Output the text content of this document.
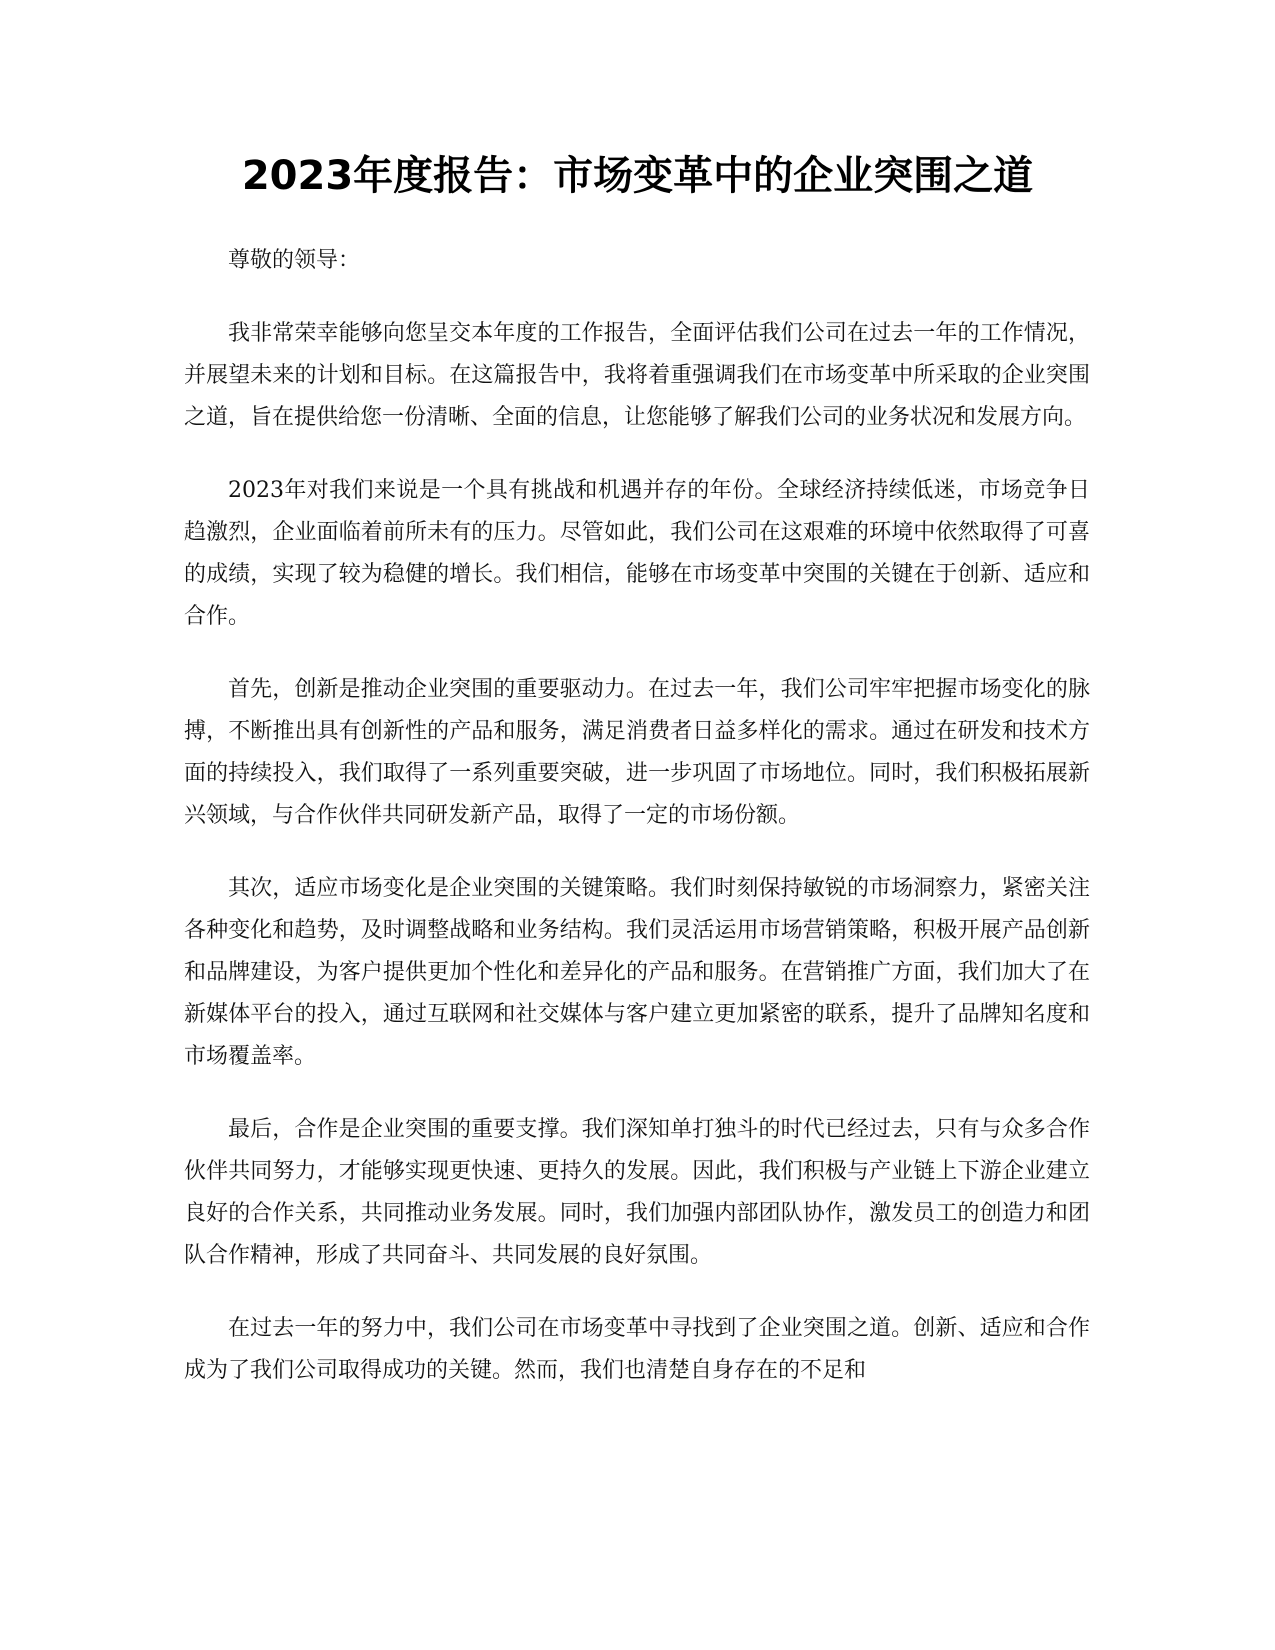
2023年度报告：市场变革中的企业突围之道

尊敬的领导：

我非常荣幸能够向您呈交本年度的工作报告，全面评估我们公司在过去一年的工作情况，并展望未来的计划和目标。在这篇报告中，我将着重强调我们在市场变革中所采取的企业突围之道，旨在提供给您一份清晰、全面的信息，让您能够了解我们公司的业务状况和发展方向。

2023年对我们来说是一个具有挑战和机遇并存的年份。全球经济持续低迷，市场竞争日趋激烈，企业面临着前所未有的压力。尽管如此，我们公司在这艰难的环境中依然取得了可喜的成绩，实现了较为稳健的增长。我们相信，能够在市场变革中突围的关键在于创新、适应和合作。

首先，创新是推动企业突围的重要驱动力。在过去一年，我们公司牢牢把握市场变化的脉搏，不断推出具有创新性的产品和服务，满足消费者日益多样化的需求。通过在研发和技术方面的持续投入，我们取得了一系列重要突破，进一步巩固了市场地位。同时，我们积极拓展新兴领域，与合作伙伴共同研发新产品，取得了一定的市场份额。

其次，适应市场变化是企业突围的关键策略。我们时刻保持敏锐的市场洞察力，紧密关注各种变化和趋势，及时调整战略和业务结构。我们灵活运用市场营销策略，积极开展产品创新和品牌建设，为客户提供更加个性化和差异化的产品和服务。在营销推广方面，我们加大了在新媒体平台的投入，通过互联网和社交媒体与客户建立更加紧密的联系，提升了品牌知名度和市场覆盖率。

最后，合作是企业突围的重要支撑。我们深知单打独斗的时代已经过去，只有与众多合作伙伴共同努力，才能够实现更快速、更持久的发展。因此，我们积极与产业链上下游企业建立良好的合作关系，共同推动业务发展。同时，我们加强内部团队协作，激发员工的创造力和团队合作精神，形成了共同奋斗、共同发展的良好氛围。

在过去一年的努力中，我们公司在市场变革中寻找到了企业突围之道。创新、适应和合作成为了我们公司取得成功的关键。然而，我们也清楚自身存在的不足和
